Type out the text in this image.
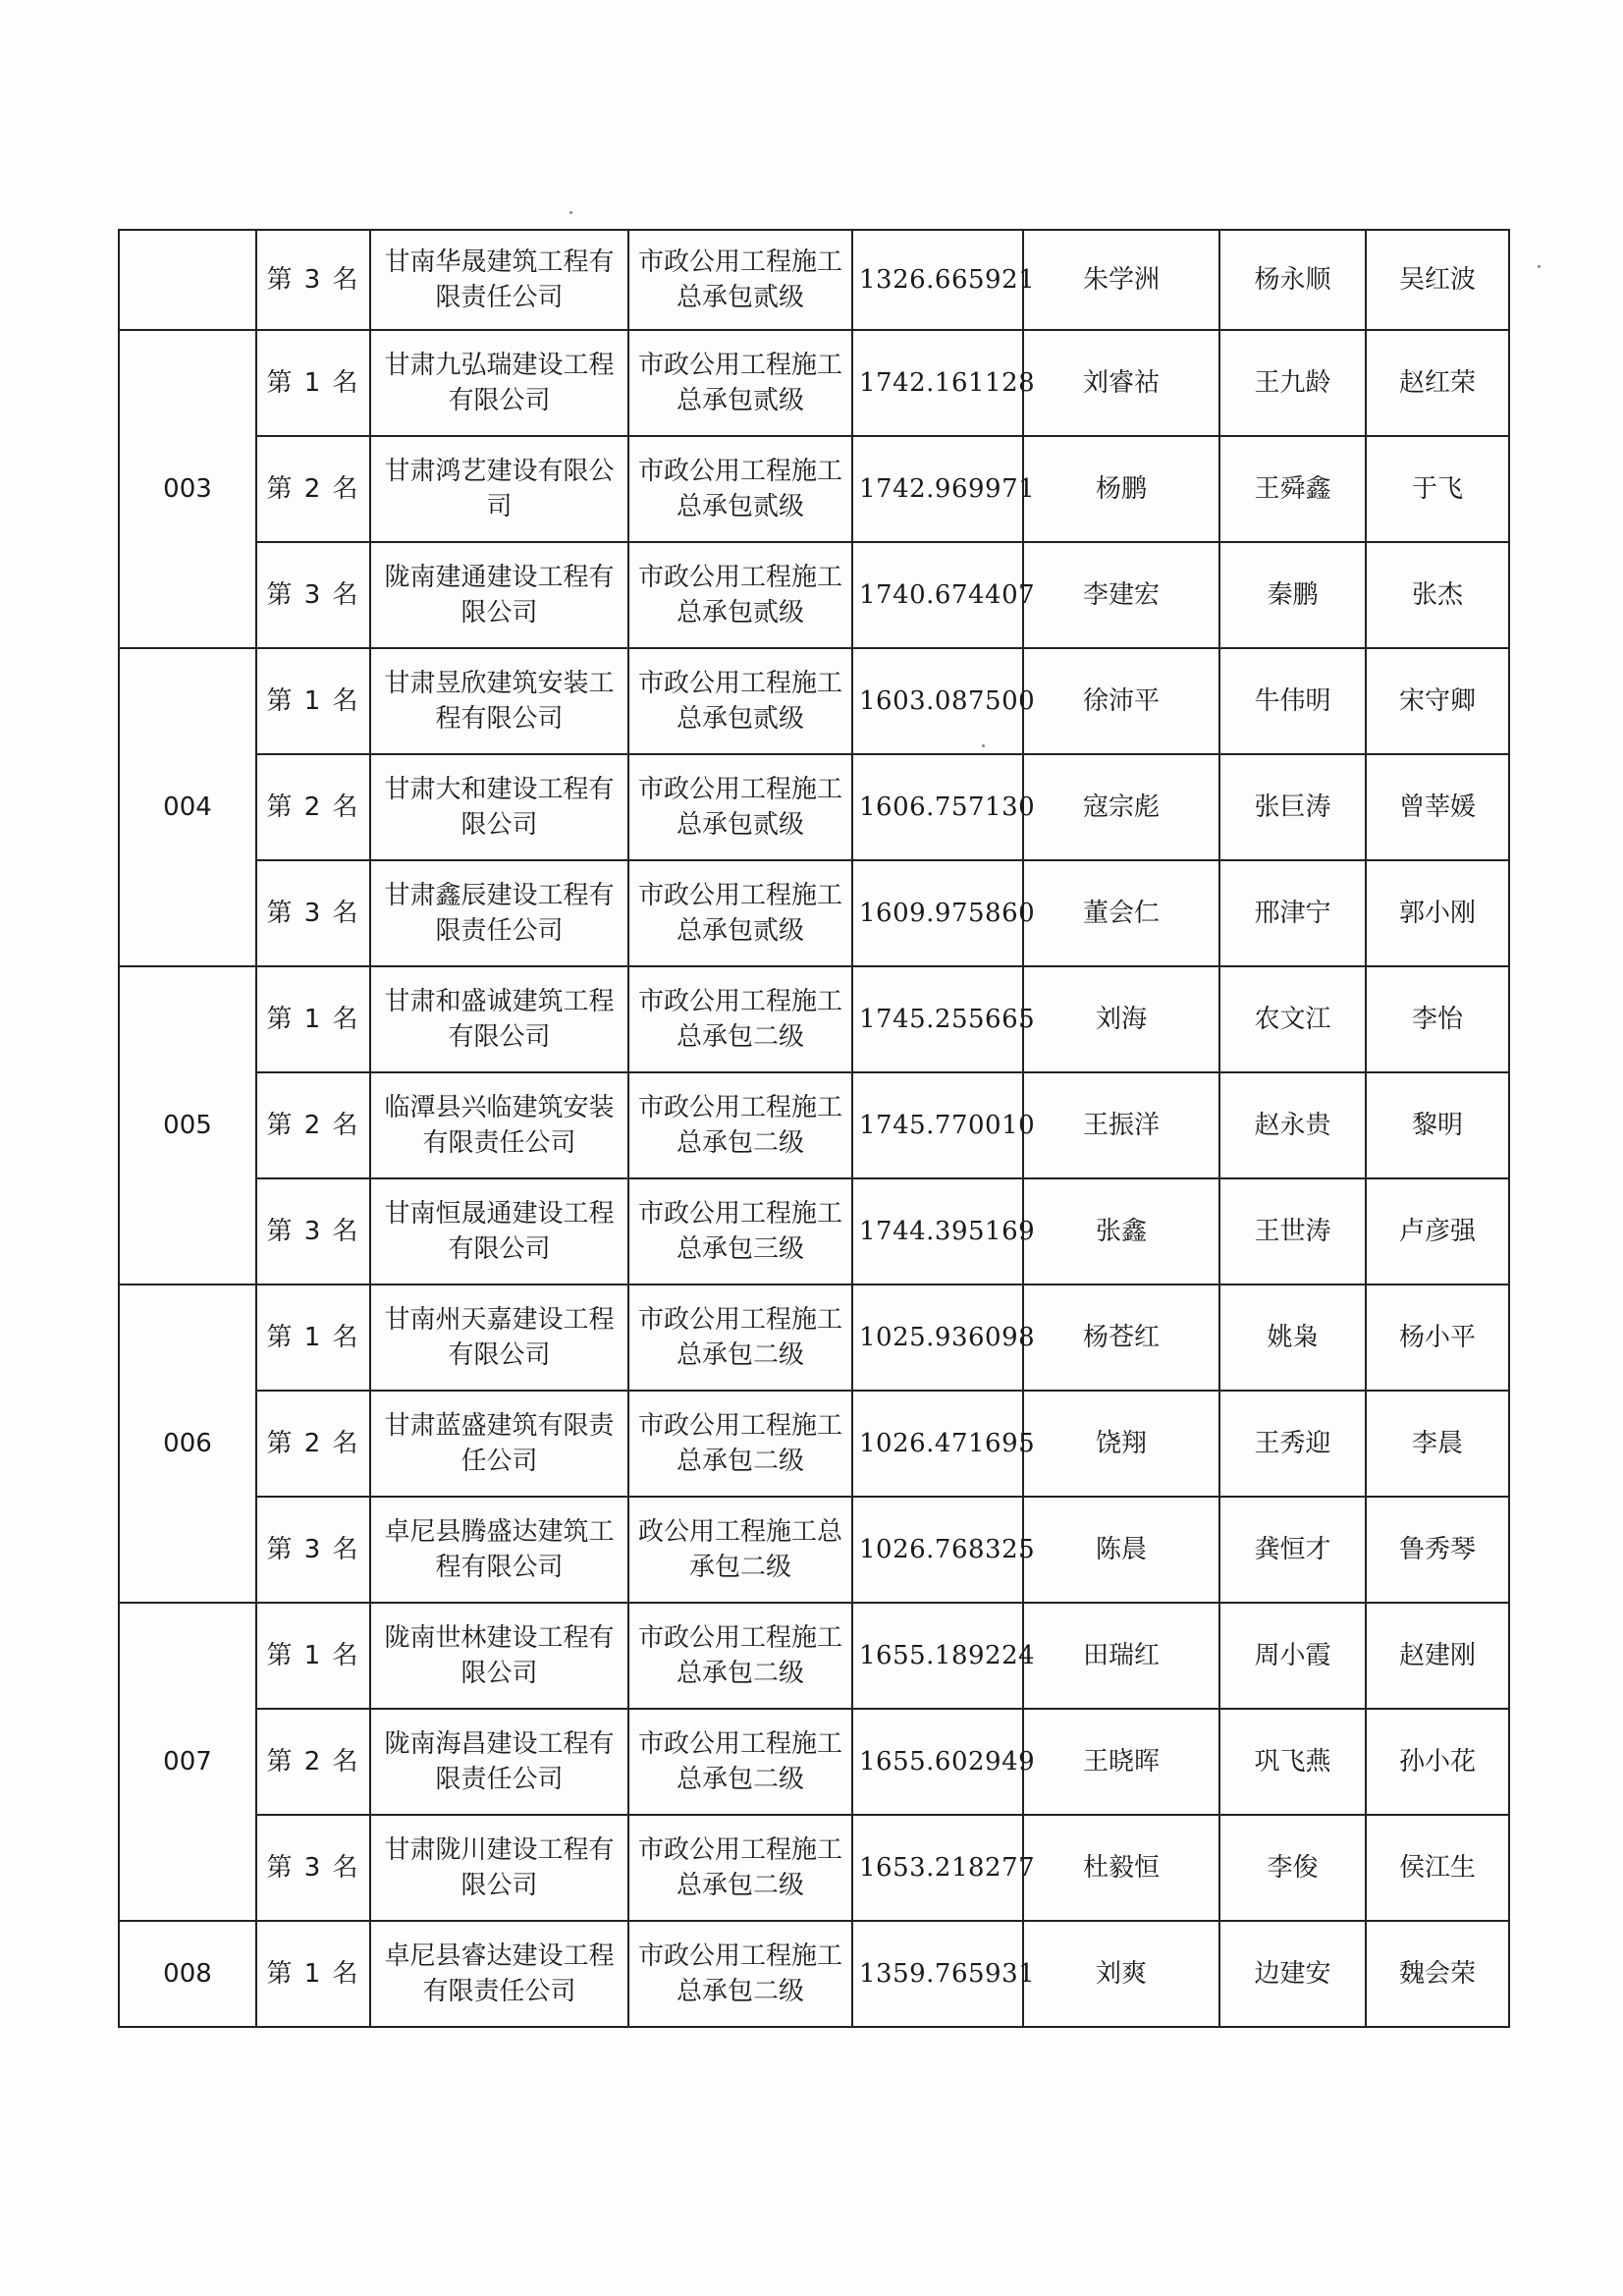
	第 3 名	甘南华晟建筑工程有限责任公司	市政公用工程施工总承包贰级	1326.665921	朱学洲	杨永顺	吴红波
003	第 1 名	甘肃九弘瑞建设工程有限公司	市政公用工程施工总承包贰级	1742.161128	刘睿祜	王九龄	赵红荣
	第 2 名	甘肃鸿艺建设有限公司	市政公用工程施工总承包贰级	1742.969971	杨鹏	王舜鑫	于飞
	第 3 名	陇南建通建设工程有限公司	市政公用工程施工总承包贰级	1740.674407	李建宏	秦鹏	张杰
004	第 1 名	甘肃昱欣建筑安装工程有限公司	市政公用工程施工总承包贰级	1603.087500	徐沛平	牛伟明	宋守卿
	第 2 名	甘肃大和建设工程有限公司	市政公用工程施工总承包贰级	1606.757130	寇宗彪	张巨涛	曾莘媛
	第 3 名	甘肃鑫辰建设工程有限责任公司	市政公用工程施工总承包贰级	1609.975860	董会仁	邢津宁	郭小刚
005	第 1 名	甘肃和盛诚建筑工程有限公司	市政公用工程施工总承包二级	1745.255665	刘海	农文江	李怡
	第 2 名	临潭县兴临建筑安装有限责任公司	市政公用工程施工总承包二级	1745.770010	王振洋	赵永贵	黎明
	第 3 名	甘南恒晟通建设工程有限公司	市政公用工程施工总承包三级	1744.395169	张鑫	王世涛	卢彦强
006	第 1 名	甘南州天嘉建设工程有限公司	市政公用工程施工总承包二级	1025.936098	杨苍红	姚枭	杨小平
	第 2 名	甘肃蓝盛建筑有限责任公司	市政公用工程施工总承包二级	1026.471695	饶翔	王秀迎	李晨
	第 3 名	卓尼县腾盛达建筑工程有限公司	政公用工程施工总承包二级	1026.768325	陈晨	龚恒才	鲁秀琴
007	第 1 名	陇南世林建设工程有限公司	市政公用工程施工总承包二级	1655.189224	田瑞红	周小霞	赵建刚
	第 2 名	陇南海昌建设工程有限责任公司	市政公用工程施工总承包二级	1655.602949	王晓晖	巩飞燕	孙小花
	第 3 名	甘肃陇川建设工程有限公司	市政公用工程施工总承包二级	1653.218277	杜毅恒	李俊	侯江生
008	第 1 名	卓尼县睿达建设工程有限责任公司	市政公用工程施工总承包二级	1359.765931	刘爽	边建安	魏会荣
